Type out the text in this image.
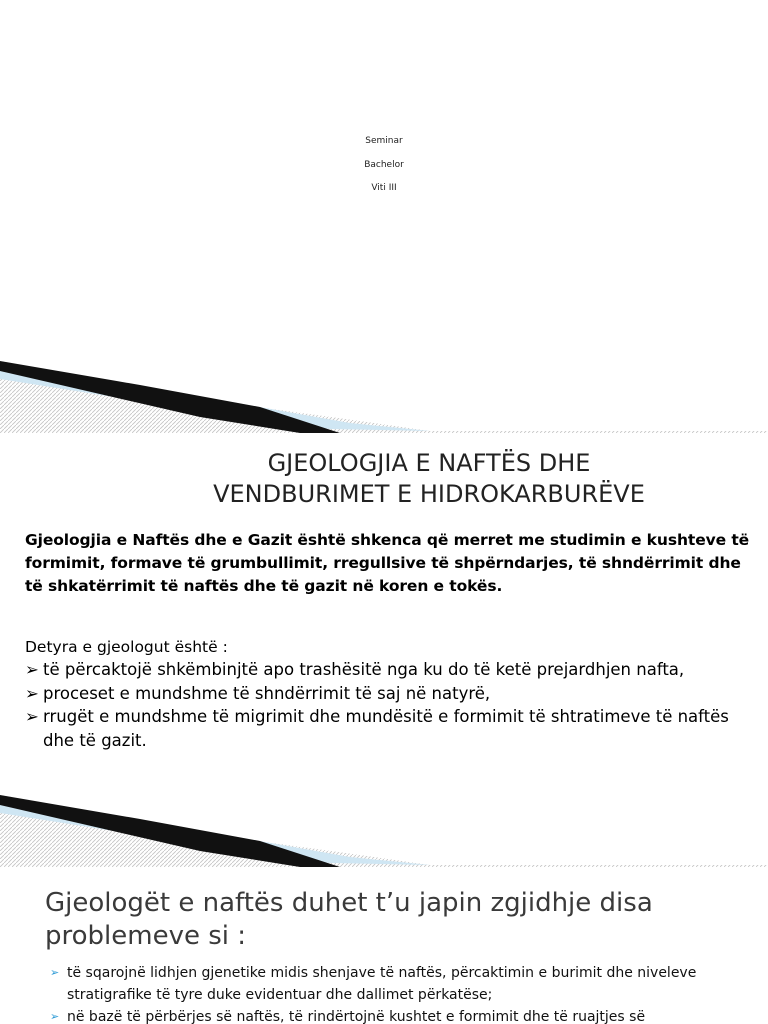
Seminar
Bachelor
Viti III
GJEOLOGJIA E NAFTËS DHE
VENDBURIMET E HIDROKARBURËVE
Gjeologjia e Naftës dhe e Gazit është shkenca që merret me studimin e kushteve të formimit, formave të grumbullimit, rregullsive të shpërndarjes, të shndërrimit dhe të shkatërrimit të naftës dhe të gazit në koren e tokës.
Detyra e gjeologut është :
➢ të përcaktojë shkëmbinjtë apo trashësitë nga ku do të ketë prejardhjen nafta,
➢ proceset e mundshme të shndërrimit të saj në natyrë,
➢ rrugët e mundshme të migrimit dhe mundësitë e formimit të shtratimeve të naftës dhe të gazit.
Gjeologët e naftës duhet t’u japin zgjidhje disa problemeve si :
➢ të sqarojnë lidhjen gjenetike midis shenjave të naftës, përcaktimin e burimit dhe niveleve stratigrafike të tyre duke evidentuar dhe dallimet përkatëse;
➢ në bazë të përbërjes së naftës, të rindërtojnë kushtet e formimit dhe të ruajtjes së
